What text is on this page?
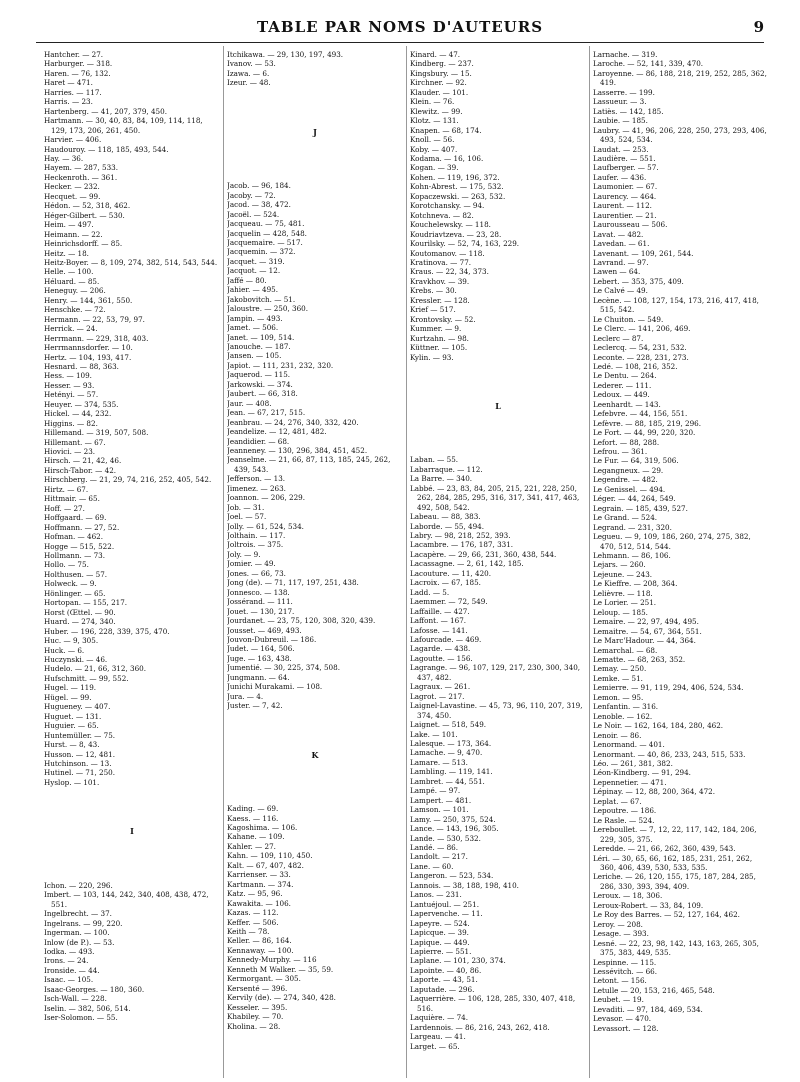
TABLE PAR NOMS D'AUTEURS	9
Hantcher. — 27.
Harburger. — 318.
Haren. — 76, 132.
Haret — 471.
Harries. — 117.
Harris. — 23.
Hartenberg. — 41, 207, 379, 450.
Hartmann. — 30, 40, 83, 84, 109, 114, 118, 129, 173, 206, 261, 450.
Harvier. — 406.
Haudouroy. — 118, 185, 493, 544.
Hay. — 36.
Hayem. — 287, 533.
Heckenroth. — 361.
Hecker. — 232.
Hecquet. — 99.
Hédon. — 52, 318, 462.
Héger-Gilbert. — 530.
Heim. — 497.
Heimann. — 22.
Heinrichsdorff. — 85.
Heitz. — 18.
Heitz-Boyer. — 8, 109, 274, 382, 514, 543, 544.
Helle. — 100.
Héluard. — 85.
Heneguy. — 206.
Henry. — 144, 361, 550.
Henschke. — 72.
Hermann. — 22, 53, 79, 97.
Herrick. — 24.
Herrmann. — 229, 318, 403.
Herrmannsdorfer. — 10.
Hertz. — 104, 193, 417.
Hesnard. — 88, 363.
Hess. — 109.
Hesser. — 93.
Hetényi. — 57.
Heuyer. — 374, 535.
Hickel. — 44, 232.
Higgins. — 82.
Hillemand. — 319, 507, 508.
Hillemant. — 67.
Hiovici. — 23.
Hirsch. — 21, 42, 46.
Hirsch-Tabor. — 42.
Hirschberg. — 21, 29, 74, 216, 252, 405, 542.
Hirtz. — 67.
Hittmair. — 65.
Hoff. — 27.
Hoffgaard. — 69.
Hoffmann. — 27, 52.
Hofman. — 462.
Hogge — 515, 522.
Hollmann. — 73.
Hollo. — 75.
Holthusen. — 57.
Holweck. — 9.
Hönlinger. — 65.
Hortopan. — 155, 217.
Horst (Œttel. — 90.
Huard. — 274, 340.
Huber. — 196, 228, 339, 375, 470.
Huc. — 9, 305.
Huck. — 6.
Huczynski. — 46.
Hudelo. — 21, 66, 312, 360.
Hufschmitt. — 99, 552.
Hugel. — 119.
Hügel. — 99.
Hugueney. — 407.
Huguet. — 131.
Huguier. — 65.
Huntemüller. — 75.
Hurst. — 8, 43.
Husson. — 12, 481.
Hutchinson. — 13.
Hutinel. — 71, 250.
Hyslop. — 101.
I
Ichon. — 220, 296.
Imbert. — 103, 144, 242, 340, 408, 438, 472, 551.
Ingelbrecht. — 37.
Ingelrans. — 99, 220.
Ingerman. — 100.
Inlow (de P.). — 53.
Iodka. — 493.
Irons. — 24.
Ironside. — 44.
Isaac. — 105.
Isaac-Georges. — 180, 360.
Isch-Wall. — 228.
Iselin. — 382, 506, 514.
Iser-Solomon. — 55.
Itchikawa. — 29, 130, 197, 493.
Ivanov. — 53.
Izawa. — 6.
Izeur. — 48.
J
Jacob. — 96, 184.
Jacoby. — 72.
Jacod. — 38, 472.
Jacoël. — 524.
Jacqueau. — 75, 481.
Jacquelin — 428, 548.
Jacquemaire. — 517.
Jacquemin. — 372.
Jacquet. — 319.
Jacquot. — 12.
Jaffé — 80.
Jahier. — 495.
Jakobovitch. — 51.
Jaloustre. — 250, 360.
Jampin. — 493.
Jamet. — 506.
Janet. — 109, 514.
Janouche. — 187.
Jansen. — 105.
Japiot. — 111, 231, 232, 320.
Jaquerod. — 115.
Jarkowski. — 374.
Jaubert. — 66, 318.
Jaur. — 408.
Jean. — 67, 217, 515.
Jeanbrau. — 24, 276, 340, 332, 420.
Jeandelize. — 12, 481, 482.
Jeandidier. — 68.
Jeanneney. — 130, 296, 384, 451, 452.
Jeanselme. — 21, 66, 87, 113, 185, 245, 262, 439, 543.
Jefferson. — 13.
Jimenez. — 263.
Joannon. — 206, 229.
Job. — 31.
Joel. — 57.
Jolly. — 61, 524, 534.
Jolthain. — 117.
Joltrois. — 375.
Joly. — 9.
Jomier. — 49.
Jones. — 66, 73.
Jong (de). — 71, 117, 197, 251, 438.
Jonnesco. — 138.
Jossérand. — 111.
Jouet. — 130, 217.
Jourdanet. — 23, 75, 120, 308, 320, 439.
Jousset. — 469, 493.
Jouvon-Dubreuil. — 186.
Judet. — 164, 506.
Juge. — 163, 438.
Jumentié. — 30, 225, 374, 508.
Jungmann. — 64.
Junichi Murakami. — 108.
Jura. — 4.
Juster. — 7, 42.
K
Kading. — 69.
Kaess. — 116.
Kagoshima. — 106.
Kahane. — 109.
Kahler. — 27.
Kahn. — 109, 110, 450.
Kalt. — 67, 407, 482.
Karrienser. — 33.
Kartmann. — 374.
Katz. — 95, 96.
Kawakita. — 106.
Kazas. — 112.
Keffer. — 506.
Keith — 78.
Keller. — 86, 164.
Kennaway. — 100.
Kennedy-Murphy. — 116
Kenneth M Walker. — 35, 59.
Kermorgant. — 305.
Kersenté — 396.
Kervily (de). — 274, 340, 428.
Kesseler. — 395.
Khabiley. — 70.
Kholina. — 28.
Kinard. — 47.
Kindberg. — 237.
Kingsbury. — 15.
Kirchner. — 92.
Klauder. — 101.
Klein. — 76.
Klewitz. — 99.
Klotz. — 131.
Knapen. — 68, 174.
Knoll. — 56.
Koby. — 407.
Kodama. — 16, 106.
Kogan. — 39.
Kohen. — 119, 196, 372.
Kohn-Abrest. — 175, 532.
Kopaczewski. — 263, 532.
Korotchansky. — 94.
Kotchneva. — 82.
Kouchelewsky. — 118.
Koudriavtzeva. — 23, 28.
Kourilsky. — 52, 74, 163, 229.
Koutomanov. — 118.
Kratinova. — 77.
Kraus. — 22, 34, 373.
Kravkhov. — 39.
Krebs. — 30.
Kressler. — 128.
Krief — 517.
Krontovsky. — 52.
Kummer. — 9.
Kurtzahn. — 98.
Küttner. — 105.
Kylin. — 93.
L
Laban. — 55.
Labarraque. — 112.
La Barre. — 340.
Labbé. — 23, 83, 84, 205, 215, 221, 228, 250, 262, 284, 285, 295, 316, 317, 341, 417, 463, 492, 508, 542.
Labeau. — 88, 383.
Laborde. — 55, 494.
Labry. — 98, 218, 252, 393.
Lacambre. — 176, 187, 331.
Lacapère. — 29, 66, 231, 360, 438, 544.
Lacassagne. — 2, 61, 142, 185.
Lacouture. — 11, 420.
Lacroix. — 67, 185.
Ladd. — 5.
Laemmer. — 72, 549.
Laffaille. — 427.
Laffont. — 167.
Lafosse. — 141.
Lafourcade. — 469.
Lagarde. — 438.
Lagoutte. — 156.
Lagrange. — 96, 107, 129, 217, 230, 300, 340, 437, 482.
Lagraux. — 261.
Lagrot. — 217.
Laignel-Lavastine. — 45, 73, 96, 110, 207, 319, 374, 450.
Laignet. — 518, 549.
Lake. — 101.
Lalesque. — 173, 364.
Lamache. — 9, 470.
Lamare. — 513.
Lambling. — 119, 141.
Lambret. — 44, 551.
Lampé. — 97.
Lampert. — 481.
Lamson. — 101.
Lamy. — 250, 375, 524.
Lance. — 143, 196, 305.
Lande. — 530, 532.
Landé. — 86.
Landolt. — 217.
Lane. — 60.
Langeron. — 523, 534.
Lannois. — 38, 188, 198, 410.
Lanos. — 231.
Lantuéjoul. — 251.
Lapervenche. — 11.
Lapeyre. — 524.
Lapicque. — 39.
Lapique. — 449.
Lapierre. — 551.
Laplane. — 101, 230, 374.
Lapointe. — 40, 86.
Laporte. — 43, 51.
Laputade. — 296.
Laquerrière. — 106, 128, 285, 330, 407, 418, 516.
Laquière. — 74.
Lardennois. — 86, 216, 243, 262, 418.
Largeau. — 41.
Larget. — 65.
Larnache. — 319.
Laroche. — 52, 141, 339, 470.
Laroyenne. — 86, 188, 218, 219, 252, 285, 362, 419.
Lasserre. — 199.
Lassueur. — 3.
Latiès. — 142, 185.
Laubie. — 185.
Laubry. — 41, 96, 206, 228, 250, 273, 293, 406, 493, 524, 534.
Laudat. — 253.
Laudière. — 551.
Laufberger. — 57.
Laufer. — 436.
Laumonier. — 67.
Laurency. — 464.
Laurent. — 112.
Laurentier. — 21.
Laurousseau — 506.
Lavat. — 482.
Lavedan. — 61.
Lavenant. — 109, 261, 544.
Lavrand. — 97.
Lawen — 64.
Lebert. — 353, 375, 409.
Le Calvé — 49.
Lecène. — 108, 127, 154, 173, 216, 417, 418, 515, 542.
Le Chuiton. — 549.
Le Clerc. — 141, 206, 469.
Leclerc — 87.
Leclercq. — 54, 231, 532.
Leconte. — 228, 231, 273.
Ledé. — 108, 216, 352.
Le Dentu. — 264.
Lederer. — 111.
Ledoux. — 449.
Leenhardt. — 143.
Lefebvre. — 44, 156, 551.
Lefèvre. — 88, 185, 219, 296.
Le Fort. — 44, 99, 220, 320.
Lefort. — 88, 288.
Lefrou. — 361.
Le Fur. — 64, 319, 506.
Legangneux. — 29.
Legendre. — 482.
Le Genissel. — 494.
Léger. — 44, 264, 549.
Legrain. — 185, 439, 527.
Le Grand. — 524.
Legrand. — 231, 320.
Legueu. — 9, 109, 186, 260, 274, 275, 382, 470, 512, 514, 544.
Lehmann. — 86, 106.
Lejars. — 260.
Lejeune. — 243.
Le Kieffre. — 208, 364.
Lelièvre. — 118.
Le Lorier. — 251.
Leloup. — 185.
Lemaire. — 22, 97, 494, 495.
Lemaitre. — 54, 67, 364, 551.
Le Marc'Hadour. — 44, 364.
Lemarchal. — 68.
Lematte. — 68, 263, 352.
Lemay. — 250.
Lemke. — 51.
Lemierre. — 91, 119, 294, 406, 524, 534.
Lemon. — 95.
Lenfantin. — 316.
Lenoble. — 162.
Le Noir. — 162, 164, 184, 280, 462.
Lenoir. — 86.
Lenormand. — 401.
Lenormant. — 40, 86, 233, 243, 515, 533.
Léo. — 261, 381, 382.
Léon-Kindberg. — 91, 294.
Lepennetier. — 471.
Lépinay. — 12, 88, 200, 364, 472.
Leplat. — 67.
Lepoutre. — 186.
Le Rasle. — 524.
Lereboullet. — 7, 12, 22, 117, 142, 184, 206, 229, 305, 375.
Leredde. — 21, 66, 262, 360, 439, 543.
Léri. — 30, 65, 66, 162, 185, 231, 251, 262, 360, 406, 439, 530, 533, 535.
Leriche. — 26, 120, 155, 175, 187, 284, 285, 286, 330, 393, 394, 409.
Leroux. — 18, 306.
Leroux-Robert. — 33, 84, 109.
Le Roy des Barres. — 52, 127, 164, 462.
Leroy. — 208.
Lesage. — 393.
Lesné. — 22, 23, 98, 142, 143, 163, 265, 305, 375, 383, 449, 535.
Lespinne. — 115.
Lessévitch. — 66.
Letont. — 156.
Letulle — 20, 153, 216, 465, 548.
Leubet. — 19.
Levaditi. — 97, 184, 469, 534.
Levasor. — 470.
Levassort. — 128.
